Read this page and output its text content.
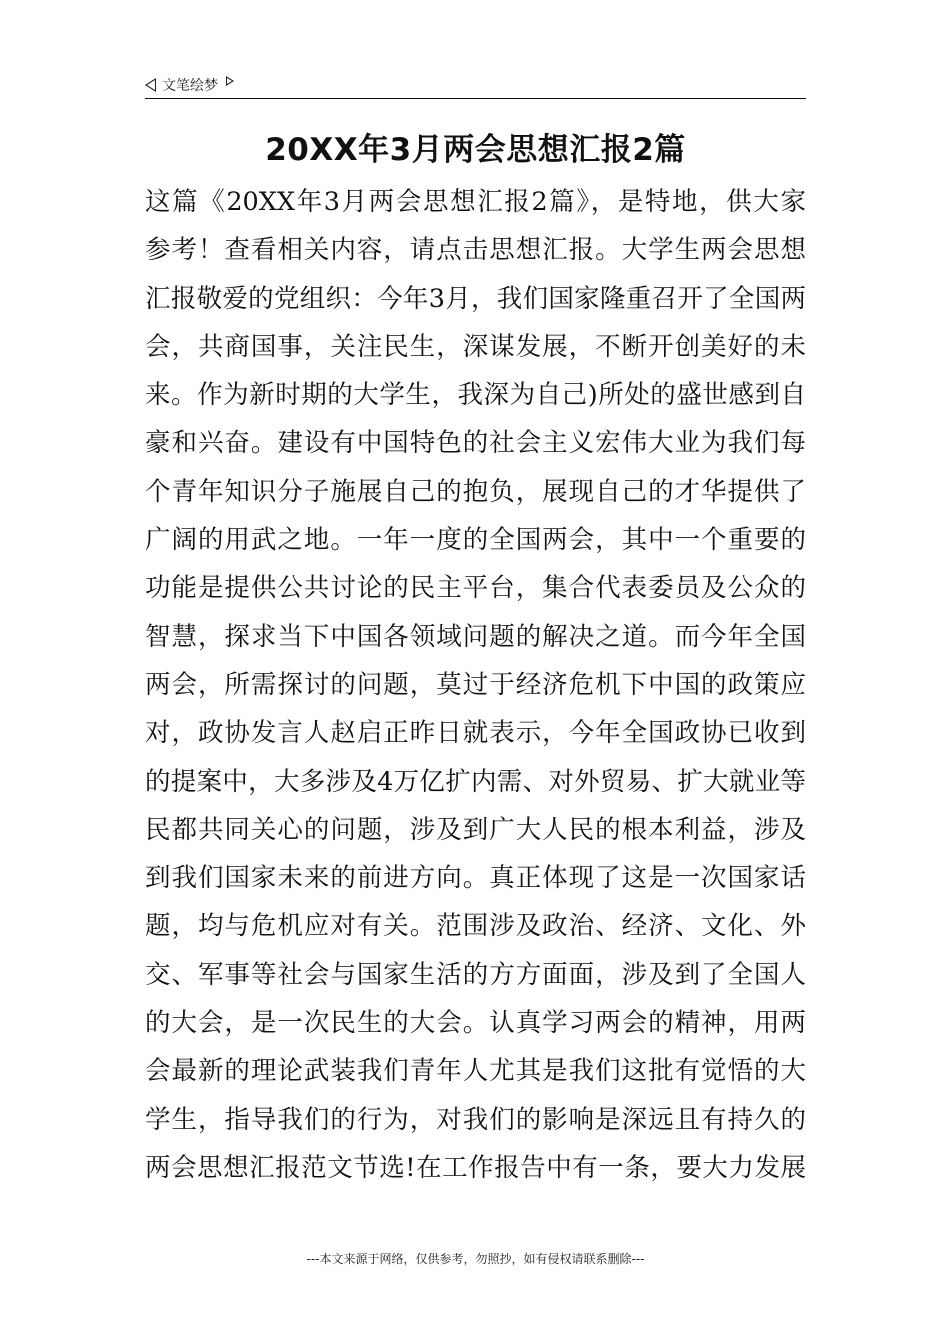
文笔绘梦
20XX年3月两会思想汇报2篇
这篇《20XX年3月两会思想汇报2篇》，是特地，供大家
参考！查看相关内容，请点击思想汇报。大学生两会思想
汇报敬爱的党组织：今年3月，我们国家隆重召开了全国两
会，共商国事，关注民生，深谋发展，不断开创美好的未
来。作为新时期的大学生，我深为自己)所处的盛世感到自
豪和兴奋。建设有中国特色的社会主义宏伟大业为我们每
个青年知识分子施展自己的抱负，展现自己的才华提供了
广阔的用武之地。一年一度的全国两会，其中一个重要的
功能是提供公共讨论的民主平台，集合代表委员及公众的
智慧，探求当下中国各领域问题的解决之道。而今年全国
两会，所需探讨的问题，莫过于经济危机下中国的政策应
对，政协发言人赵启正昨日就表示，今年全国政协已收到
的提案中，大多涉及4万亿扩内需、对外贸易、扩大就业等
民都共同关心的问题，涉及到广大人民的根本利益，涉及
到我们国家未来的前进方向。真正体现了这是一次国家话
题，均与危机应对有关。范围涉及政治、经济、文化、外
交、军事等社会与国家生活的方方面面，涉及到了全国人
的大会，是一次民生的大会。认真学习两会的精神，用两
会最新的理论武装我们青年人尤其是我们这批有觉悟的大
学生，指导我们的行为，对我们的影响是深远且有持久的
两会思想汇报范文节选!在工作报告中有一条，要大力发展
---本文来源于网络，仅供参考，勿照抄，如有侵权请联系删除---
